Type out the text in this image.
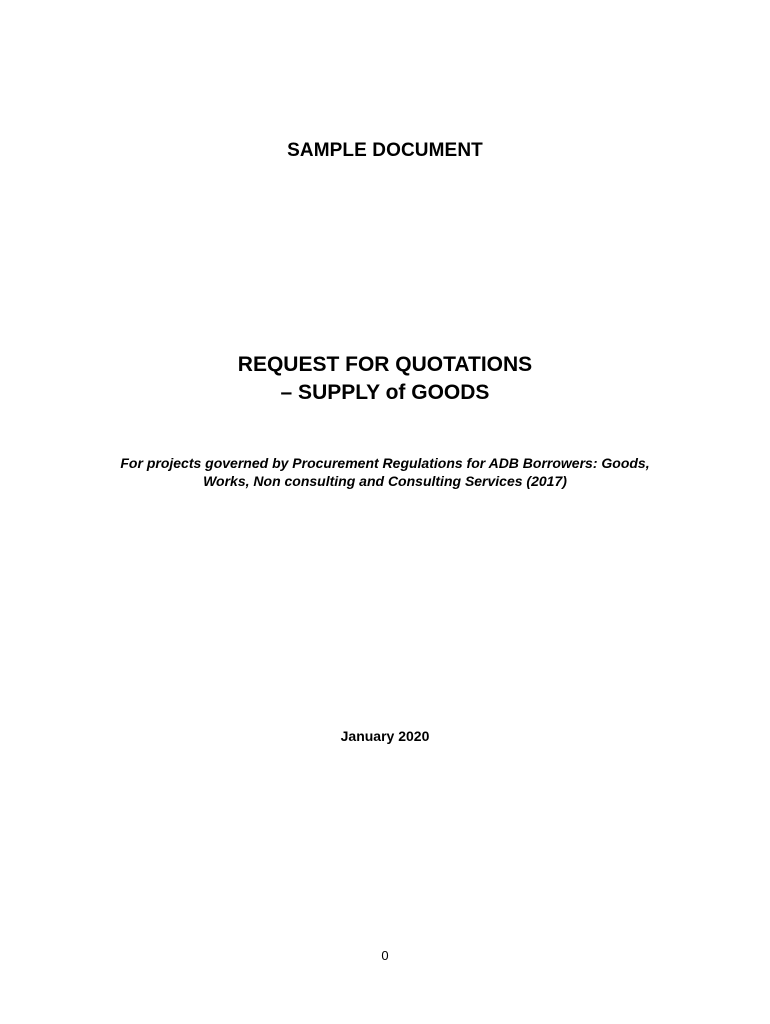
SAMPLE DOCUMENT
REQUEST FOR QUOTATIONS
– SUPPLY of GOODS
For projects governed by Procurement Regulations for ADB Borrowers: Goods,
Works, Non consulting and Consulting Services (2017)
January 2020
0
